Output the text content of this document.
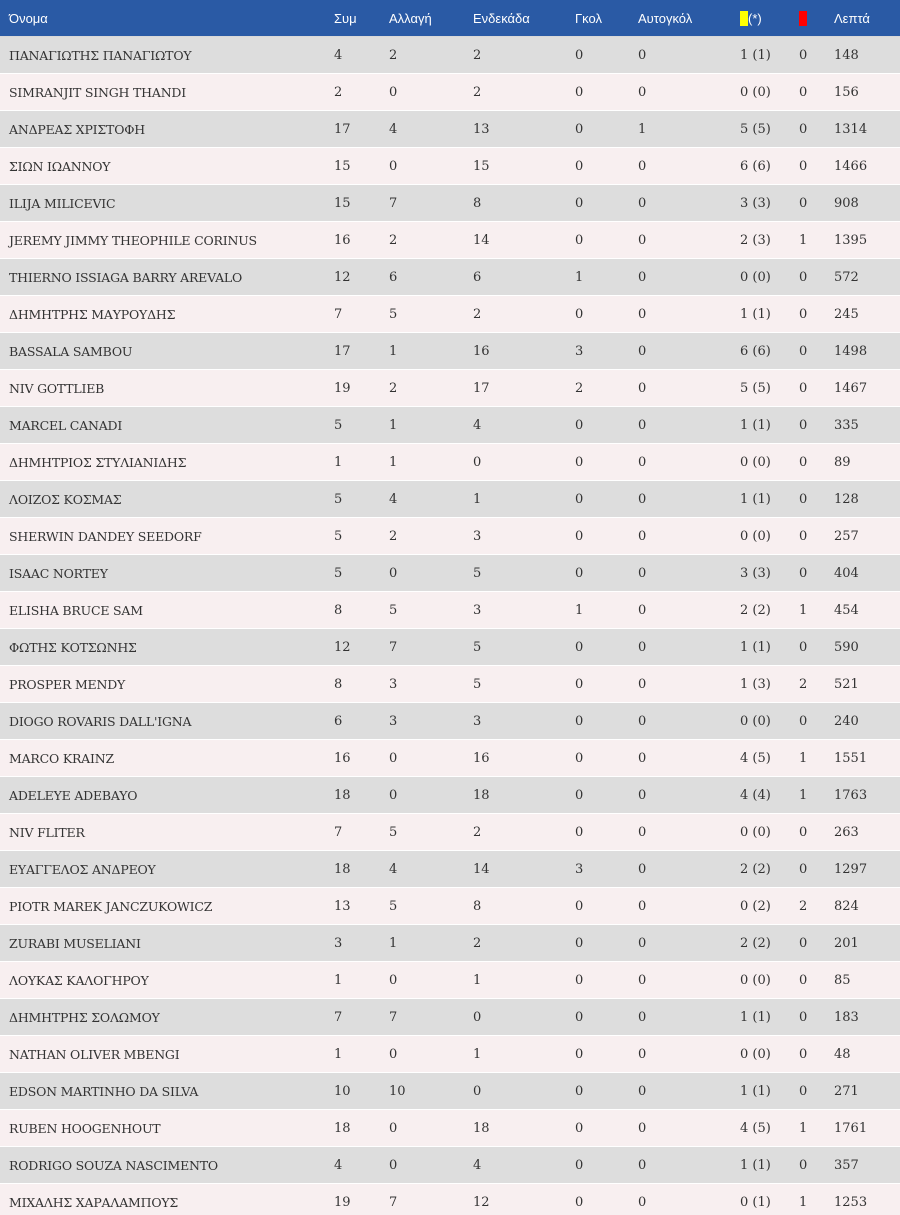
Όνομα	Συμ	Αλλαγή	Ενδεκάδα	Γκολ	Αυτογκόλ	(*)		Λεπτά
ΠΑΝΑΓΙΩΤΗΣ ΠΑΝΑΓΙΩΤΟΥ	4	2	2	0	0	1 (1)	0	148
SIMRANJIT SINGH THANDI	2	0	2	0	0	0 (0)	0	156
ΑΝΔΡΕΑΣ ΧΡΙΣΤΟΦΗ	17	4	13	0	1	5 (5)	0	1314
ΣΙΩΝ ΙΩΑΝΝΟΥ	15	0	15	0	0	6 (6)	0	1466
ILIJA MILICEVIC	15	7	8	0	0	3 (3)	0	908
JEREMY JIMMY THEOPHILE CORINUS	16	2	14	0	0	2 (3)	1	1395
THIERNO ISSIAGA BARRY AREVALO	12	6	6	1	0	0 (0)	0	572
ΔΗΜΗΤΡΗΣ ΜΑΥΡΟΥΔΗΣ	7	5	2	0	0	1 (1)	0	245
BASSALA SAMBOU	17	1	16	3	0	6 (6)	0	1498
NIV GOTTLIEB	19	2	17	2	0	5 (5)	0	1467
MARCEL CANADI	5	1	4	0	0	1 (1)	0	335
ΔΗΜΗΤΡΙΟΣ ΣΤΥΛΙΑΝΙΔΗΣ	1	1	0	0	0	0 (0)	0	89
ΛΟΙΖΟΣ ΚΟΣΜΑΣ	5	4	1	0	0	1 (1)	0	128
SHERWIN DANDEY SEEDORF	5	2	3	0	0	0 (0)	0	257
ISAAC NORTEY	5	0	5	0	0	3 (3)	0	404
ELISHA BRUCE SAM	8	5	3	1	0	2 (2)	1	454
ΦΩΤΗΣ ΚΟΤΣΩΝΗΣ	12	7	5	0	0	1 (1)	0	590
PROSPER MENDY	8	3	5	0	0	1 (3)	2	521
DIOGO ROVARIS DALL'IGNA	6	3	3	0	0	0 (0)	0	240
MARCO KRAINZ	16	0	16	0	0	4 (5)	1	1551
ADELEYE ADEBAYO	18	0	18	0	0	4 (4)	1	1763
NIV FLITER	7	5	2	0	0	0 (0)	0	263
ΕΥΑΓΓΕΛΟΣ ΑΝΔΡΕΟΥ	18	4	14	3	0	2 (2)	0	1297
PIOTR MAREK JANCZUKOWICZ	13	5	8	0	0	0 (2)	2	824
ZURABI MUSELIANI	3	1	2	0	0	2 (2)	0	201
ΛΟΥΚΑΣ ΚΑΛΟΓΗΡΟΥ	1	0	1	0	0	0 (0)	0	85
ΔΗΜΗΤΡΗΣ ΣΟΛΩΜΟΥ	7	7	0	0	0	1 (1)	0	183
NATHAN OLIVER MBENGI	1	0	1	0	0	0 (0)	0	48
EDSON MARTINHO DA SILVA	10	10	0	0	0	1 (1)	0	271
RUBEN HOOGENHOUT	18	0	18	0	0	4 (5)	1	1761
RODRIGO SOUZA NASCIMENTO	4	0	4	0	0	1 (1)	0	357
ΜΙΧΑΛΗΣ ΧΑΡΑΛΑΜΠΟΥΣ	19	7	12	0	0	0 (1)	1	1253
